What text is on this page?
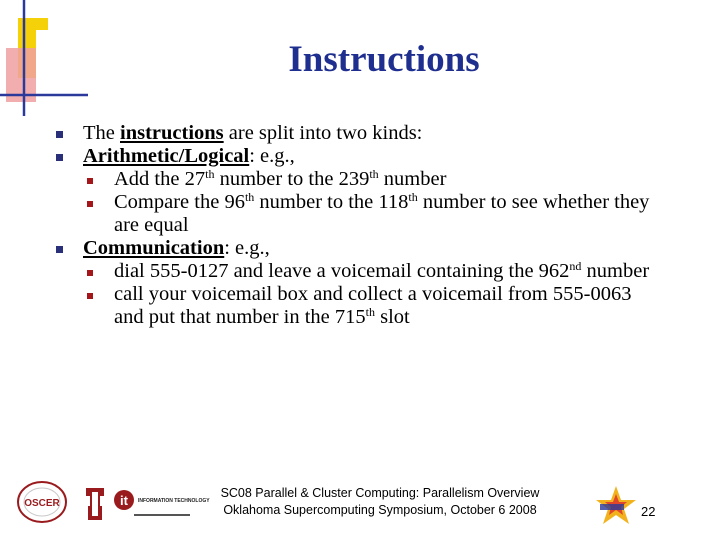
Instructions
The instructions are split into two kinds:
Arithmetic/Logical: e.g.,
Add the 27th number to the 239th number
Compare the 96th number to the 118th number to see whether they are equal
Communication: e.g.,
dial 555-0127 and leave a voicemail containing the 962nd number
call your voicemail box and collect a voicemail from 555-0063 and put that number in the 715th slot
OSCER	it INFORMATION TECHNOLOGY
SC08 Parallel & Cluster Computing: Parallelism Overview
Oklahoma Supercomputing Symposium, October 6 2008	22
